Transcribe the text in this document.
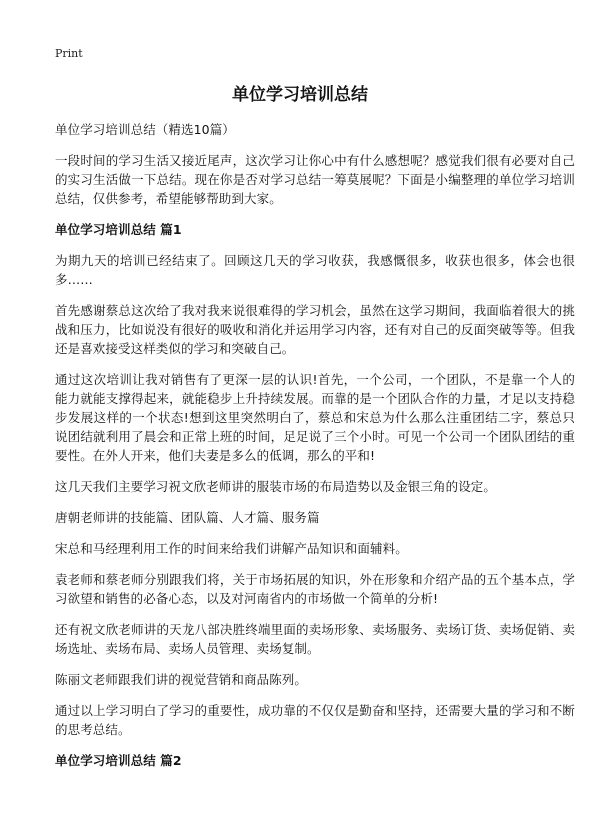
Print
单位学习培训总结

单位学习培训总结（精选10篇）

一段时间的学习生活又接近尾声，这次学习让你心中有什么感想呢？感觉我们很有必要对自己的实习生活做一下总结。现在你是否对学习总结一筹莫展呢？下面是小编整理的单位学习培训总结，仅供参考，希望能够帮助到大家。

单位学习培训总结 篇1

为期九天的培训已经结束了。回顾这几天的学习收获，我感慨很多，收获也很多，体会也很多……

首先感谢蔡总这次给了我对我来说很难得的学习机会，虽然在这学习期间，我面临着很大的挑战和压力，比如说没有很好的吸收和消化并运用学习内容，还有对自己的反面突破等等。但我还是喜欢接受这样类似的学习和突破自己。

通过这次培训让我对销售有了更深一层的认识!首先，一个公司，一个团队，不是靠一个人的能力就能支撑得起来，就能稳步上升持续发展。而靠的是一个团队合作的力量，才足以支持稳步发展这样的一个状态!想到这里突然明白了，蔡总和宋总为什么那么注重团结二字，蔡总只说团结就利用了晨会和正常上班的时间，足足说了三个小时。可见一个公司一个团队团结的重要性。在外人开来，他们夫妻是多么的低调，那么的平和!

这几天我们主要学习祝文欣老师讲的服装市场的布局造势以及金银三角的设定。

唐朝老师讲的技能篇、团队篇、人才篇、服务篇

宋总和马经理利用工作的时间来给我们讲解产品知识和面辅料。

袁老师和蔡老师分别跟我们将，关于市场拓展的知识，外在形象和介绍产品的五个基本点，学习欲望和销售的必备心态，以及对河南省内的市场做一个简单的分析!

还有祝文欣老师讲的天龙八部决胜终端里面的卖场形象、卖场服务、卖场订货、卖场促销、卖场选址、卖场布局、卖场人员管理、卖场复制。

陈丽文老师跟我们讲的视觉营销和商品陈列。

通过以上学习明白了学习的重要性，成功靠的不仅仅是勤奋和坚持，还需要大量的学习和不断的思考总结。

单位学习培训总结 篇2
